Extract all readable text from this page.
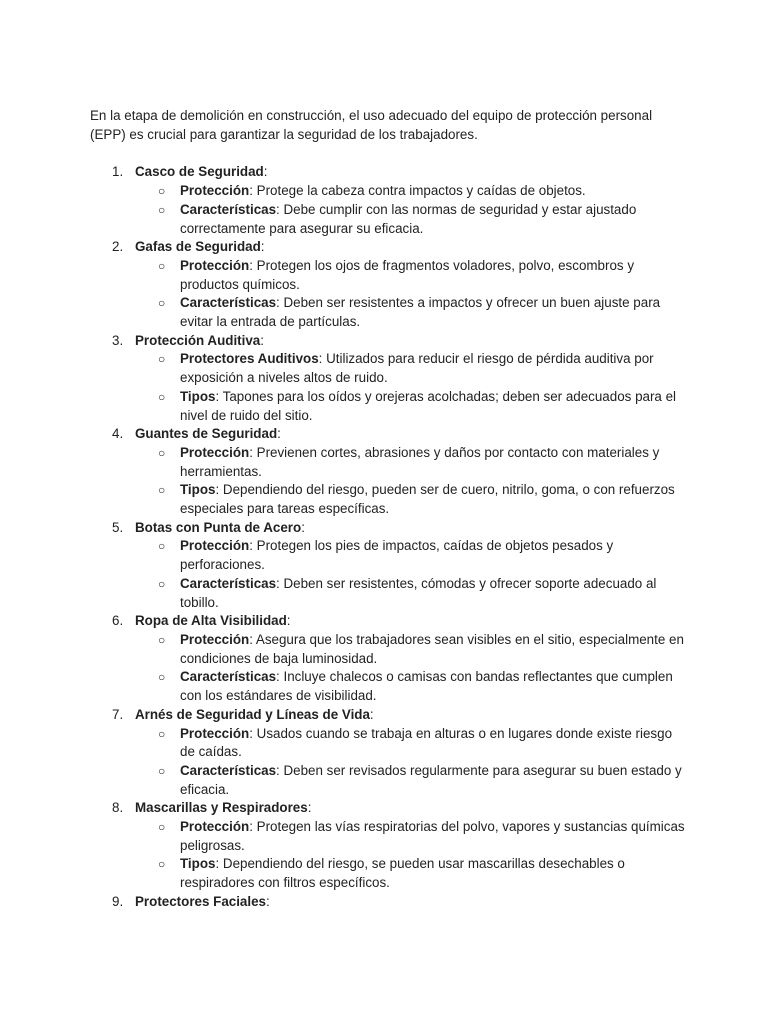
En la etapa de demolición en construcción, el uso adecuado del equipo de protección personal (EPP) es crucial para garantizar la seguridad de los trabajadores.

1. Casco de Seguridad:
○ Protección: Protege la cabeza contra impactos y caídas de objetos.
○ Características: Debe cumplir con las normas de seguridad y estar ajustado correctamente para asegurar su eficacia.
2. Gafas de Seguridad:
○ Protección: Protegen los ojos de fragmentos voladores, polvo, escombros y productos químicos.
○ Características: Deben ser resistentes a impactos y ofrecer un buen ajuste para evitar la entrada de partículas.
3. Protección Auditiva:
○ Protectores Auditivos: Utilizados para reducir el riesgo de pérdida auditiva por exposición a niveles altos de ruido.
○ Tipos: Tapones para los oídos y orejeras acolchadas; deben ser adecuados para el nivel de ruido del sitio.
4. Guantes de Seguridad:
○ Protección: Previenen cortes, abrasiones y daños por contacto con materiales y herramientas.
○ Tipos: Dependiendo del riesgo, pueden ser de cuero, nitrilo, goma, o con refuerzos especiales para tareas específicas.
5. Botas con Punta de Acero:
○ Protección: Protegen los pies de impactos, caídas de objetos pesados y perforaciones.
○ Características: Deben ser resistentes, cómodas y ofrecer soporte adecuado al tobillo.
6. Ropa de Alta Visibilidad:
○ Protección: Asegura que los trabajadores sean visibles en el sitio, especialmente en condiciones de baja luminosidad.
○ Características: Incluye chalecos o camisas con bandas reflectantes que cumplen con los estándares de visibilidad.
7. Arnés de Seguridad y Líneas de Vida:
○ Protección: Usados cuando se trabaja en alturas o en lugares donde existe riesgo de caídas.
○ Características: Deben ser revisados regularmente para asegurar su buen estado y eficacia.
8. Mascarillas y Respiradores:
○ Protección: Protegen las vías respiratorias del polvo, vapores y sustancias químicas peligrosas.
○ Tipos: Dependiendo del riesgo, se pueden usar mascarillas desechables o respiradores con filtros específicos.
9. Protectores Faciales:
